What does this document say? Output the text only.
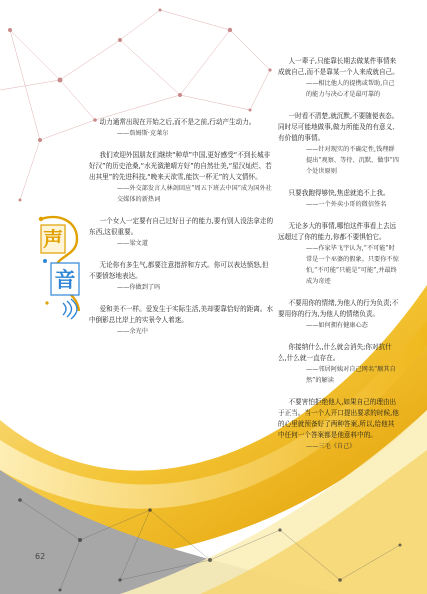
声
音

动力通常出现在开始之后,而不是之前,行动产生动力。

——詹姆斯·克莱尔

我们欢迎外国朋友们继续“种草”中国,更好感受“不到长城非好汉”的历史沧桑,“水光潋滟晴方好”的自然壮美,“星汉灿烂、若出其里”的先进科技,“晚来天欲雪,能饮一杯无”的人文情怀。

——外交部发言人林剑回应“周五下班去中国”成为国外社交媒体的新热词

一个女人一定要有自己过好日子的能力,要有别人没法拿走的东西,这很重要。

——梁文道

无论你有多生气,都要注意措辞和方式。你可以表达愤怒,但不要愤怒地表达。

——你做到了吗

爱和美不一样。爱发生于实际生活,美却要靠恰好的距离。水中倒影总比岸上的实景令人着迷。

——余光中

人一辈子,只能靠长期去做某件事情来成就自己,而不是靠某一个人来成就自己。

——相比他人的提携或帮助,自己的能力与决心才是最可靠的

一时看不清楚,就沉默,不要随便表态。同时尽可能地做事,做力所能及的有意义、有价值的事情。

——针对现实的不确定性,钱理群提出“观察、等待、沉默、做事”四个处世原则

只要我跑得够快,焦虑就追不上我。

——一个外卖小哥的微信签名

无论多大的事情,哪怕这件事看上去远远超过了你的能力,你都不要惧怕它。

——作家毕飞宇认为,“不可能”时常是一个巫婆的假象。只要你不惊怕,“不可能”只能是“可能”,并最终成为奇迹

不要用你的情绪,为他人的行为负责;不要用你的行为,为他人的情绪负责。

——如何拥有健康心态

你接纳什么,什么就会消失;你对抗什么,什么就一直存在。

——邻居阿姨对自己网名“顺其自然”的解读

不要害怕拒绝他人,如果自己的理由出于正当。当一个人开口提出要求的时候,他的心里就预备好了两种答案,所以,给他其中任何一个答案都是他意料中的。

——三毛《自己》

62
